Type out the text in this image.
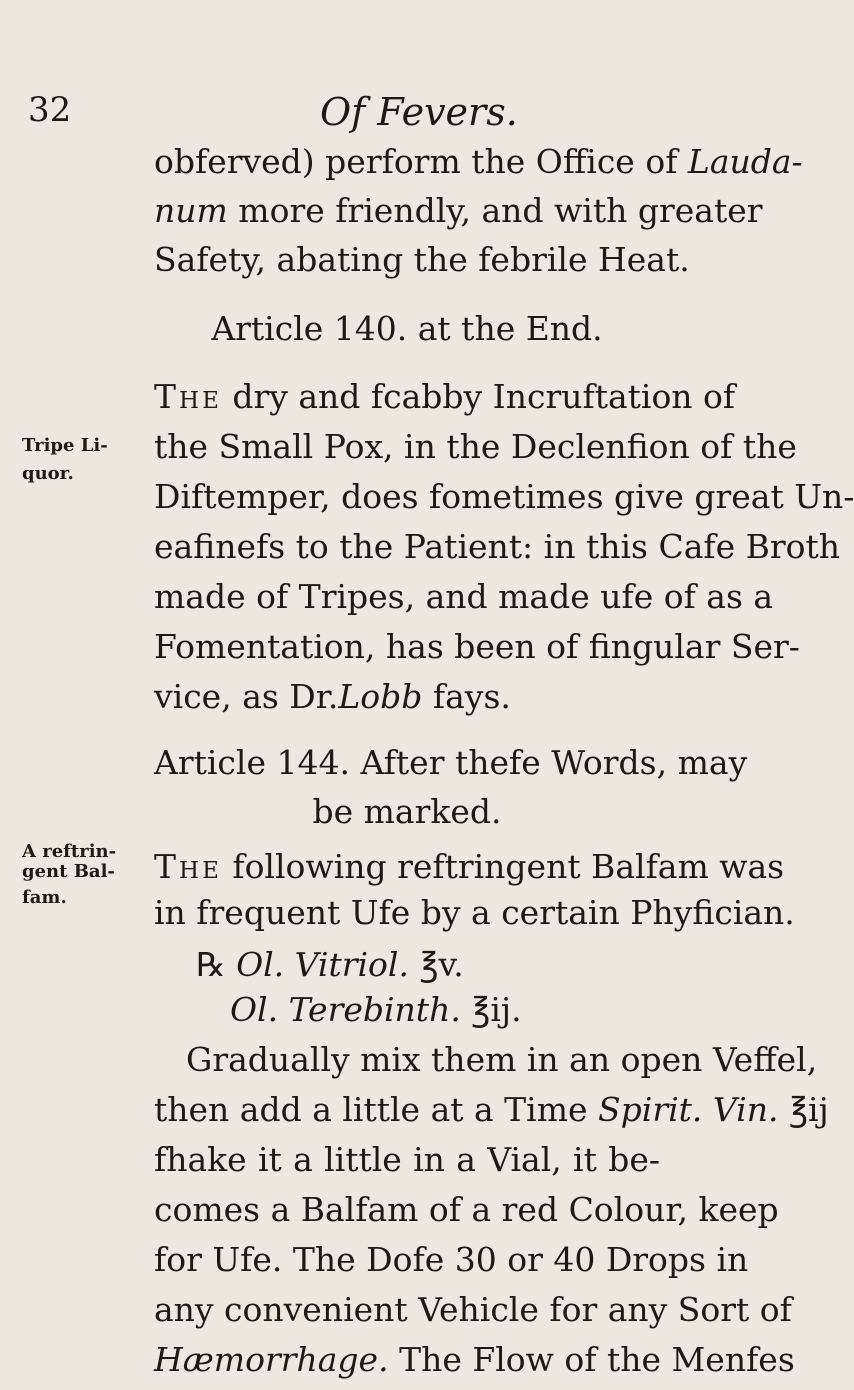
32	Of Fevers.
obferved) perform the Office of Lauda-
num more friendly, and with greater
Safety, abating the febrile Heat.
Article 140. at the End.
The dry and fcabby Incruftation of
the Small Pox, in the Declenfion of the
Diftemper, does fometimes give great Un-
eafinefs to the Patient: in this Cafe Broth
made of Tripes, and made ufe of as a
Fomentation, has been of fingular Ser-
vice, as Dr.Lobb fays.
Tripe Li-
quor.
Article 144. After thefe Words, may
be marked.
The following reftringent Balfam was
in frequent Ufe by a certain Phyfician.
A reftrin-
gent Bal-
fam.
℞ Ol. Vitriol. ℥v.
Ol. Terebinth. ℥ij.
Gradually mix them in an open Veffel,
then add a little at a Time Spirit. Vin. ℥ij
fhake it a little in a Vial, it be-
comes a Balfam of a red Colour, keep
for Ufe. The Dofe 30 or 40 Drops in
any convenient Vehicle for any Sort of
Hæmorrhage. The Flow of the Menfes
